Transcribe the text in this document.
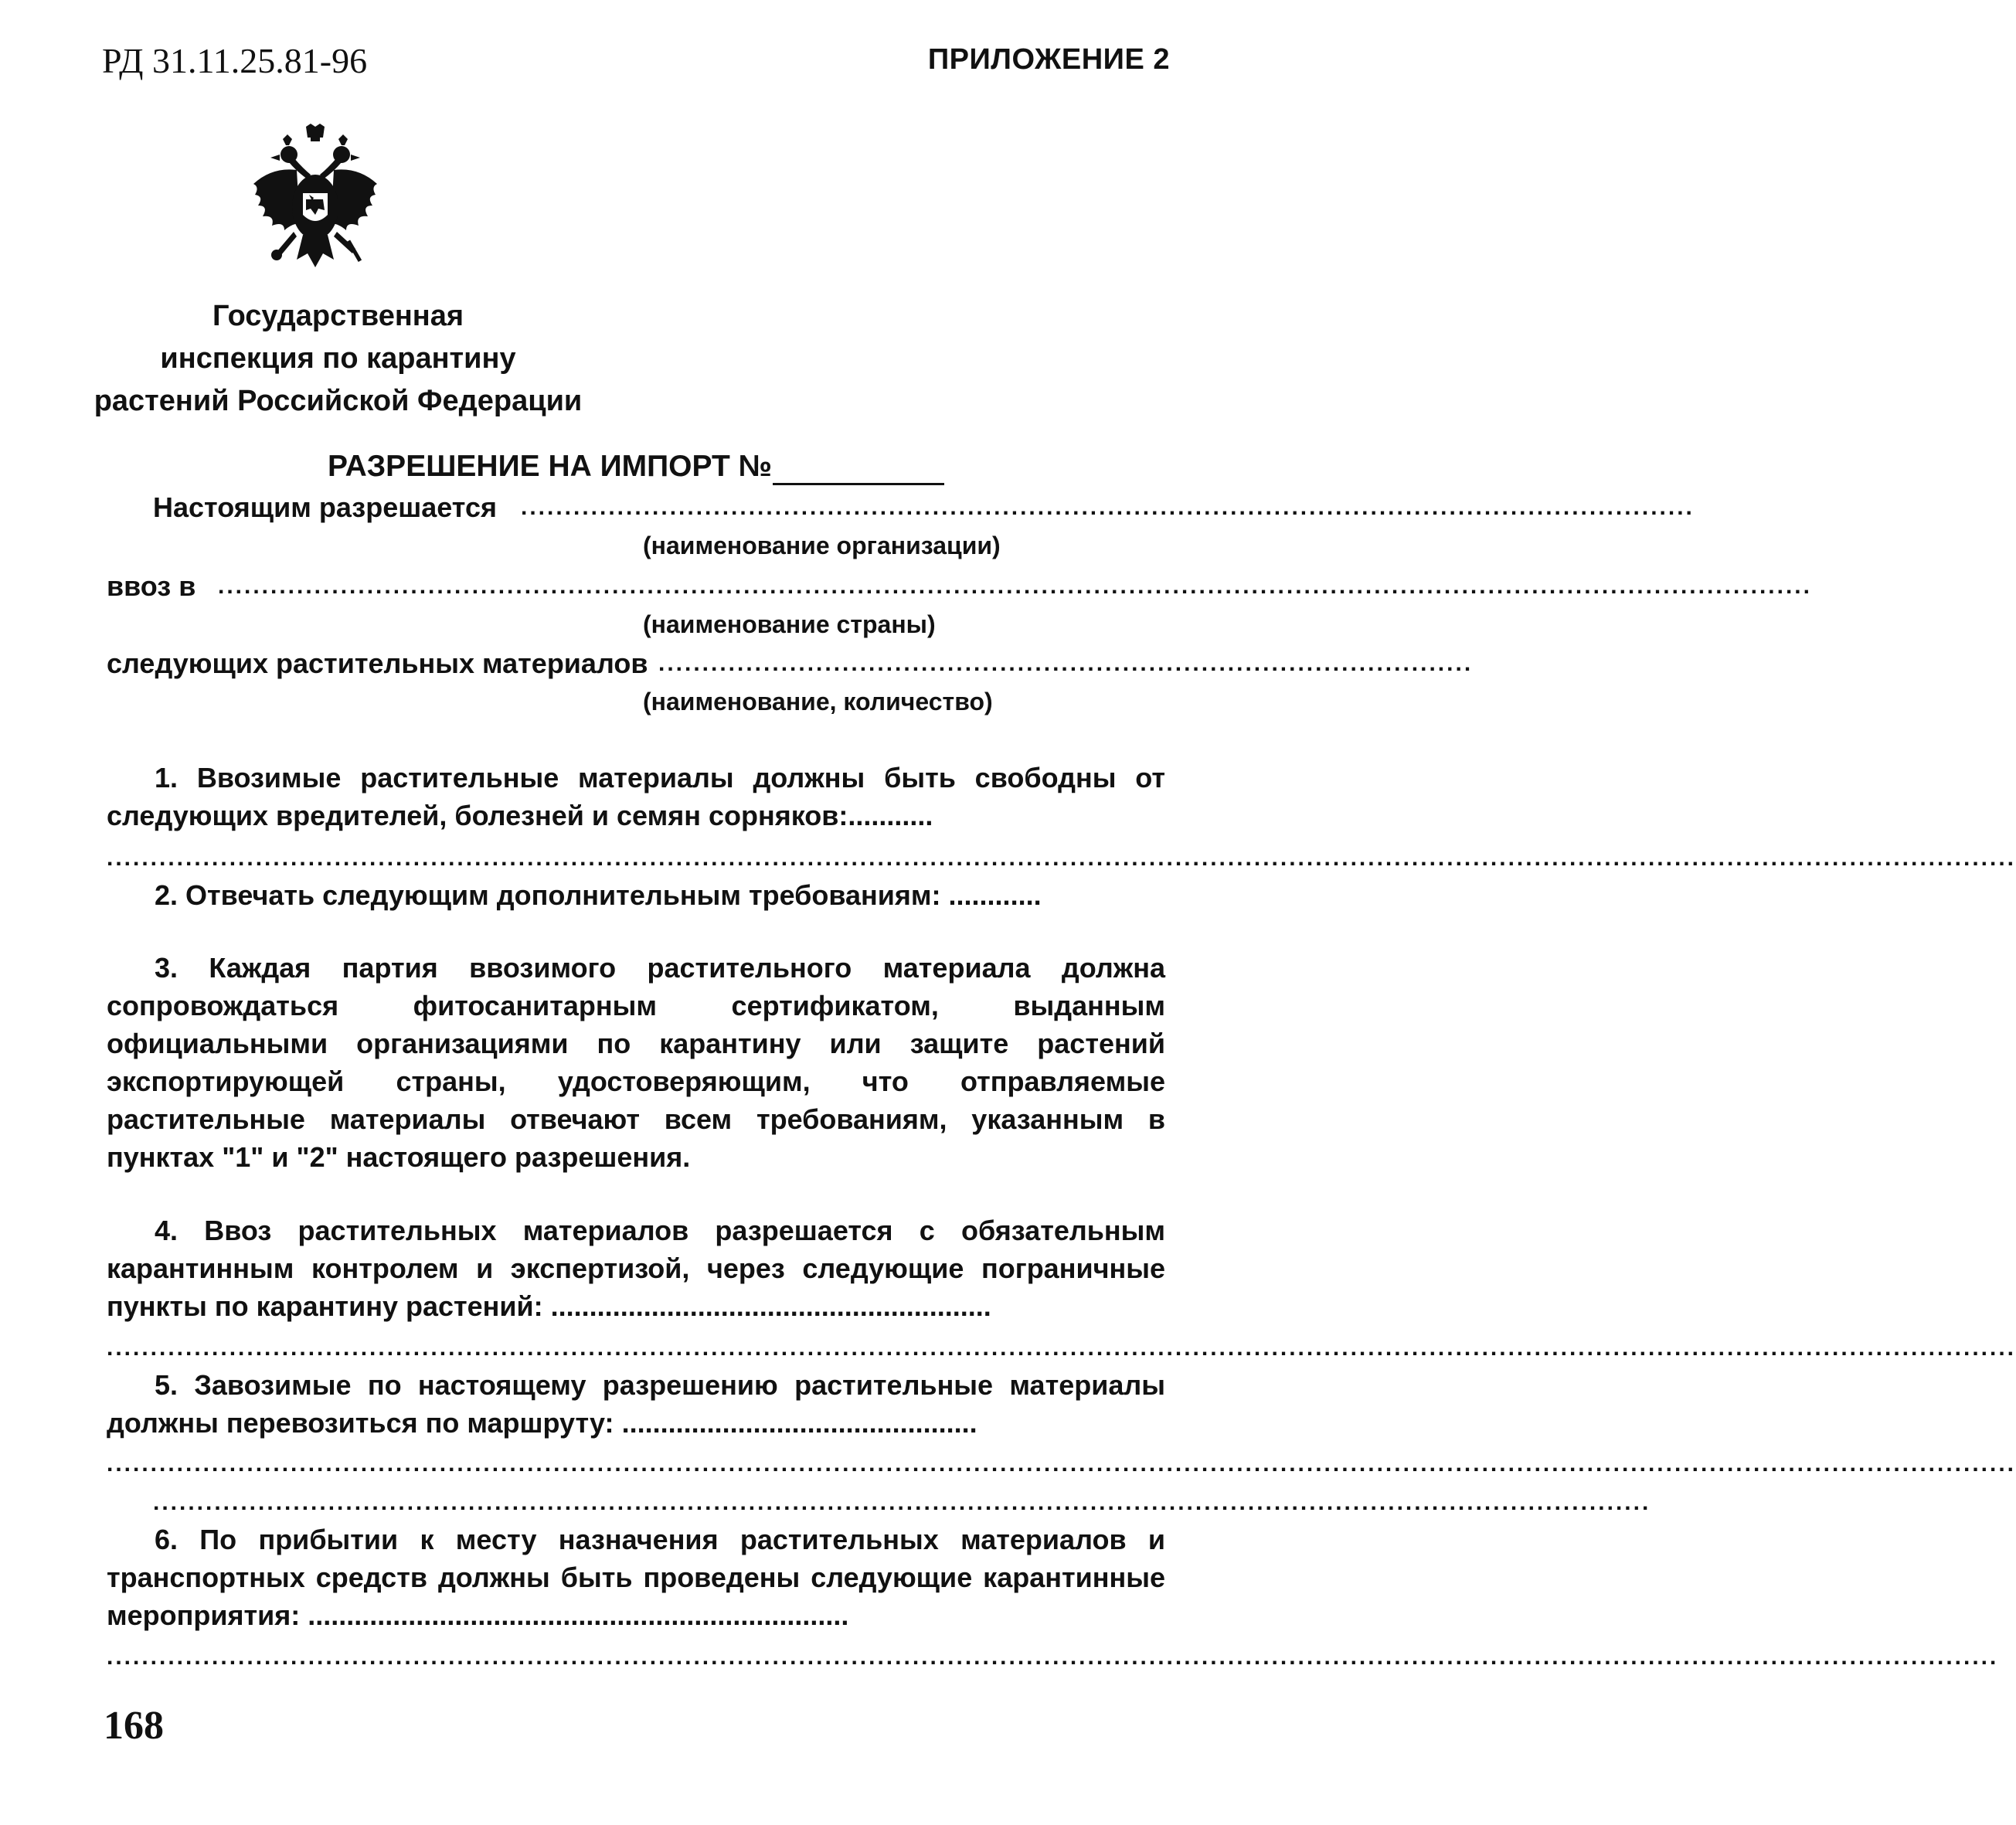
РД 31.11.25.81-96	ПРИЛОЖЕНИЕ 2
Государственная
инспекция по карантину
растений Российской Федерации
РАЗРЕШЕНИЕ НА ИМПОРТ №
Настоящим разрешается ......................................................................................................................................
(наименование организации)
ввоз в ......................................................................................................................................................................................
(наименование страны)
следующих растительных материалов .............................................................................................
(наименование, количество)
1. Ввозимые растительные материалы должны быть свободны от следующих вредителей, болезней и семян сорняков:...........
..........................................................................................................................................................................................................................
2. Отвечать следующим дополнительным требованиям: ............
3. Каждая партия ввозимого растительного материала должна сопровождаться фитосанитарным сертификатом, выданным официальными организациями по карантину или защите растений экспортирующей страны, удостоверяющим, что отправляемые растительные материалы отвечают всем требованиям, указанным в пунктах "1" и "2" настоящего разрешения.
4. Ввоз растительных материалов разрешается с обязательным карантинным контролем и экспертизой, через следующие пограничные пункты по карантину растений: .........................................................
..........................................................................................................................................................................................................................
5. Завозимые по настоящему разрешению растительные материалы должны перевозиться по маршруту: ..............................................
..........................................................................................................................................................................................................................
...........................................................................................................................................................................
6. По прибытии к месту назначения растительных материалов и транспортных средств должны быть проведены следующие карантинные мероприятия: ......................................................................
........................................................................................................................................................................................................................
168
